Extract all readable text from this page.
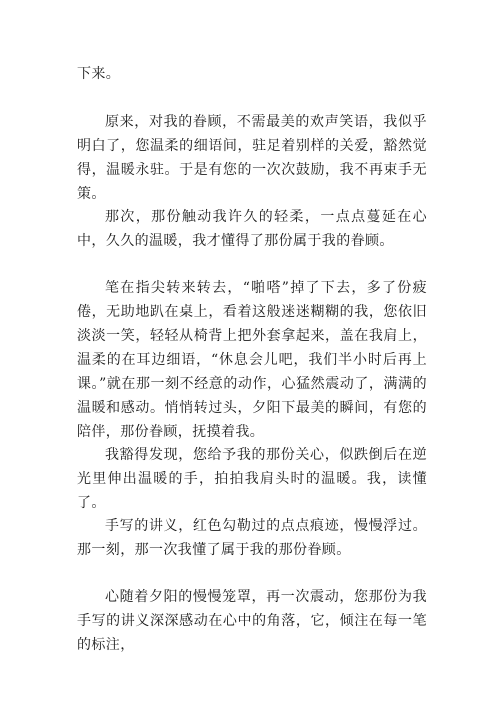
下来。

原来，对我的眷顾，不需最美的欢声笑语，我似乎明白了，您温柔的细语间，驻足着别样的关爱，豁然觉得，温暖永驻。于是有您的一次次鼓励，我不再束手无策。

那次，那份触动我许久的轻柔，一点点蔓延在心中，久久的温暖，我才懂得了那份属于我的眷顾。

笔在指尖转来转去，“啪嗒”掉了下去，多了份疲倦，无助地趴在桌上，看着这般迷迷糊糊的我，您依旧淡淡一笑，轻轻从椅背上把外套拿起来，盖在我肩上，温柔的在耳边细语，“休息会儿吧，我们半小时后再上课。”就在那一刻不经意的动作，心猛然震动了，满满的温暖和感动。悄悄转过头，夕阳下最美的瞬间，有您的陪伴，那份眷顾，抚摸着我。

我豁得发现，您给予我的那份关心，似跌倒后在逆光里伸出温暖的手，拍拍我肩头时的温暖。我，读懂了。

手写的讲义，红色勾勒过的点点痕迹，慢慢浮过。那一刻，那一次我懂了属于我的那份眷顾。

心随着夕阳的慢慢笼罩，再一次震动，您那份为我手写的讲义深深感动在心中的角落，它，倾注在每一笔的标注，
